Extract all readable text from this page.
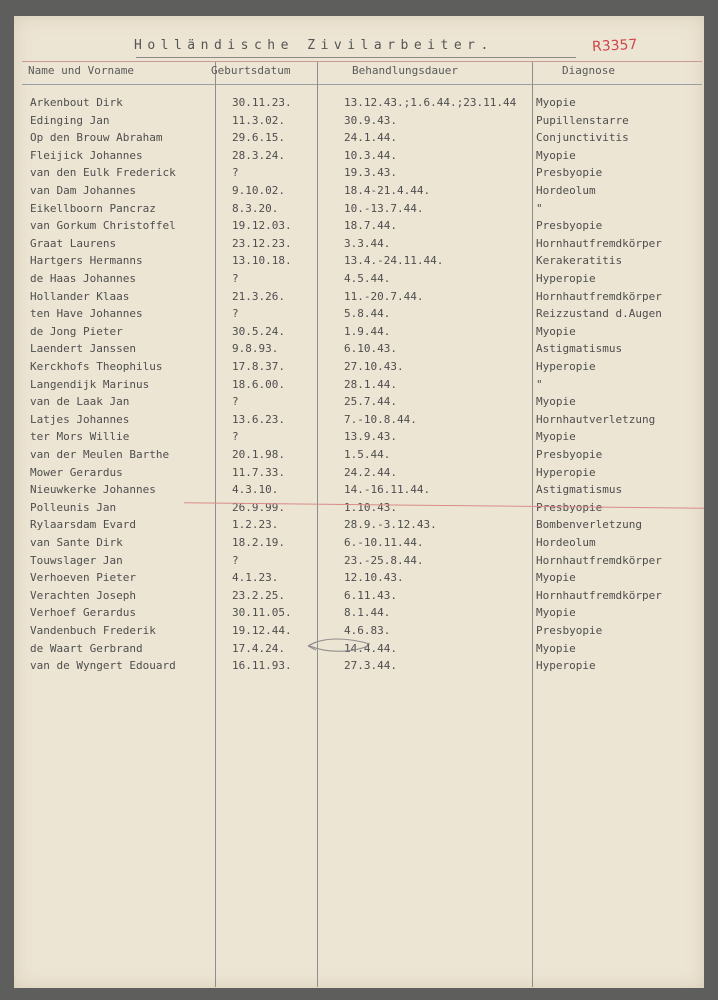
Holländische Zivilarbeiter.	R3357
Name und Vorname	Geburtsdatum	Behandlungsdauer	Diagnose
Arkenbout Dirk	30.11.23.	13.12.43.;1.6.44.;23.11.44	Myopie
Edinging Jan	11.3.02.	30.9.43.	Pupillenstarre
Op den Brouw Abraham	29.6.15.	24.1.44.	Conjunctivitis
Fleijick Johannes	28.3.24.	10.3.44.	Myopie
van den Eulk Frederick	?	19.3.43.	Presbyopie
van Dam Johannes	9.10.02.	18.4-21.4.44.	Hordeolum
Eikellboorn Pancraz	8.3.20.	10.-13.7.44.	"
van Gorkum Christoffel	19.12.03.	18.7.44.	Presbyopie
Graat Laurens	23.12.23.	3.3.44.	Hornhautfremdkörper
Hartgers Hermanns	13.10.18.	13.4.-24.11.44.	Kerakeratitis
de Haas Johannes	?	4.5.44.	Hyperopie
Hollander Klaas	21.3.26.	11.-20.7.44.	Hornhautfremdkörper
ten Have Johannes	?	5.8.44.	Reizzustand d.Augen
de Jong Pieter	30.5.24.	1.9.44.	Myopie
Laendert Janssen	9.8.93.	6.10.43.	Astigmatismus
Kerckhofs Theophilus	17.8.37.	27.10.43.	Hyperopie
Langendijk Marinus	18.6.00.	28.1.44.	"
van de Laak Jan	?	25.7.44.	Myopie
Latjes Johannes	13.6.23.	7.-10.8.44.	Hornhautverletzung
ter Mors Willie	?	13.9.43.	Myopie
van der Meulen Barthe	20.1.98.	1.5.44.	Presbyopie
Mower Gerardus	11.7.33.	24.2.44.	Hyperopie
Nieuwkerke Johannes	4.3.10.	14.-16.11.44.	Astigmatismus
Polleunis Jan	26.9.99.	1.10.43.	Presbyopie
Rylaarsdam Evard	1.2.23.	28.9.-3.12.43.	Bombenverletzung
van Sante Dirk	18.2.19.	6.-10.11.44.	Hordeolum
Touwslager Jan	?	23.-25.8.44.	Hornhautfremdkörper
Verhoeven Pieter	4.1.23.	12.10.43.	Myopie
Verachten Joseph	23.2.25.	6.11.43.	Hornhautfremdkörper
Verhoef Gerardus	30.11.05.	8.1.44.	Myopie
Vandenbuch Frederik	19.12.44.	4.6.83.	Presbyopie
de Waart Gerbrand	17.4.24.	14.4.44.	Myopie
van de Wyngert Edouard	16.11.93.	27.3.44.	Hyperopie
